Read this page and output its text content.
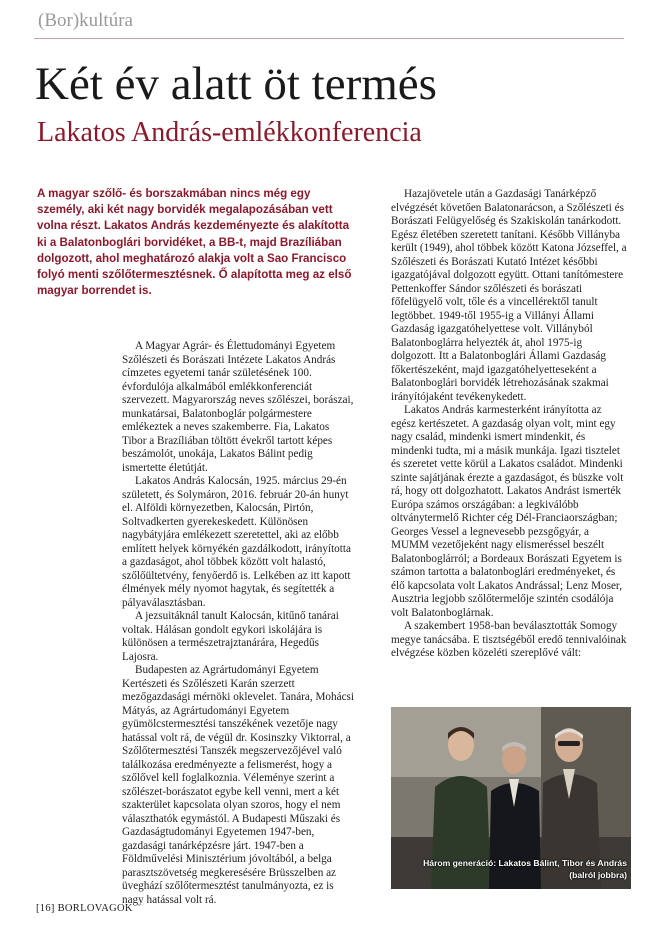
(Bor)kultúra
Két év alatt öt termés
Lakatos András-emlékkonferencia

A magyar szőlő- és borszakmában nincs még egy személy, aki két nagy borvidék megalapozásában vett volna részt. Lakatos András kezdeményezte és alakította ki a Balatonboglári borvidéket, a BB-t, majd Brazíliában dolgozott, ahol meghatározó alakja volt a Sao Francisco folyó menti szőlőtermesztésnek. Ő alapította meg az első magyar borrendet is.

A Magyar Agrár- és Élettudományi Egyetem Szőlészeti és Borászati Intézete Lakatos András címzetes egyetemi tanár születésének 100. évfordulója alkalmából emlékkonferenciát szervezett. Magyarország neves szőlészei, borászai, munkatársai, Balatonboglár polgármestere emlékeztek a neves szakemberre. Fia, Lakatos Tibor a Brazíliában töltött évekről tartott képes beszámolót, unokája, Lakatos Bálint pedig ismertette életútját.

Lakatos András Kalocsán, 1925. március 29-én született, és Solymáron, 2016. február 20-án hunyt el. Alföldi környezetben, Kalocsán, Pirtón, Soltvadkerten gyerekeskedett. Különösen nagybátyjára emlékezett szeretettel, aki az előbb említett helyek környékén gazdálkodott, irányította a gazdaságot, ahol többek között volt halastó, szőlőültetvény, fenyőerdő is. Lelkében az itt kapott élmények mély nyomot hagytak, és segítették a pályaválasztásban.

A jezsuitáknál tanult Kalocsán, kitűnő tanárai voltak. Hálásan gondolt egykori iskolájára is különösen a természetrajztanárára, Hegedűs Lajosra.

Budapesten az Agrártudományi Egyetem Kertészeti és Szőlészeti Karán szerzett mezőgazdasági mérnöki oklevelet. Tanára, Mohácsi Mátyás, az Agrártudományi Egyetem gyümölcstermesztési tanszékének vezetője nagy hatással volt rá, de végül dr. Kosinszky Viktorral, a Szőlőtermesztési Tanszék megszervezőjével való találkozása eredményezte a felismerést, hogy a szőlővel kell foglalkoznia. Véleménye szerint a szőlészet-borászatot egybe kell venni, mert a két szakterület kapcsolata olyan szoros, hogy el nem választhatók egymástól. A Budapesti Műszaki és Gazdaságtudományi Egyetemen 1947-ben, gazdasági tanárképzésre járt. 1947-ben a Földművelési Minisztérium jóvoltából, a belga parasztszövetség megkeresésére Brüsszelben az üveghází szőlőtermesztést tanulmányozta, ez is nagy hatással volt rá.

Hazajövetele után a Gazdasági Tanárképző elvégzését követően Balatonarácson, a Szőlészeti és Borászati Felügyelőség és Szakiskolán tanárkodott. Egész életében szeretett tanítani. Később Villányba került (1949), ahol többek között Katona Józseffel, a Szőlészeti és Borászati Kutató Intézet későbbi igazgatójával dolgozott együtt. Ottani tanítómestere Pettenkoffer Sándor szőlészeti és borászati főfelügyelő volt, tőle és a vincellérektől tanult legtöbbet. 1949-től 1955-ig a Villányi Állami Gazdaság igazgatóhelyettese volt. Villányból Balatonboglárra helyezték át, ahol 1975-ig dolgozott. Itt a Balatonboglári Állami Gazdaság főkertészeként, majd igazgatóhelyetteseként a Balatonboglári borvidék létrehozásának szakmai irányítójaként tevékenykedett.

Lakatos András karmesterként irányította az egész kertészetet. A gazdaság olyan volt, mint egy nagy család, mindenki ismert mindenkit, és mindenki tudta, mi a másik munkája. Igazi tisztelet és szeretet vette körül a Lakatos családot. Mindenki szinte sajátjának érezte a gazdaságot, és büszke volt rá, hogy ott dolgozhatott. Lakatos Andrást ismerték Európa számos országában: a legkiválóbb oltványtermelő Richter cég Dél-Franciaországban; Georges Vessel a legnevesebb pezsgőgyár, a MUMM vezetőjeként nagy elismeréssel beszélt Balatonboglárról; a Bordeaux Borászati Egyetem is számon tartotta a balatonboglári eredményeket, és élő kapcsolata volt Lakatos Andrással; Lenz Moser, Ausztria legjobb szőlőtermelője szintén csodálója volt Balatonboglárnak.

A szakembert 1958-ban beválasztották Somogy megye tanácsába. E tisztségéből eredő tennivalóinak elvégzése közben közeléti szereplővé vált:

Három generáció: Lakatos Bálint, Tibor és András (balról jobbra)

[16] BORLOVAGOK
